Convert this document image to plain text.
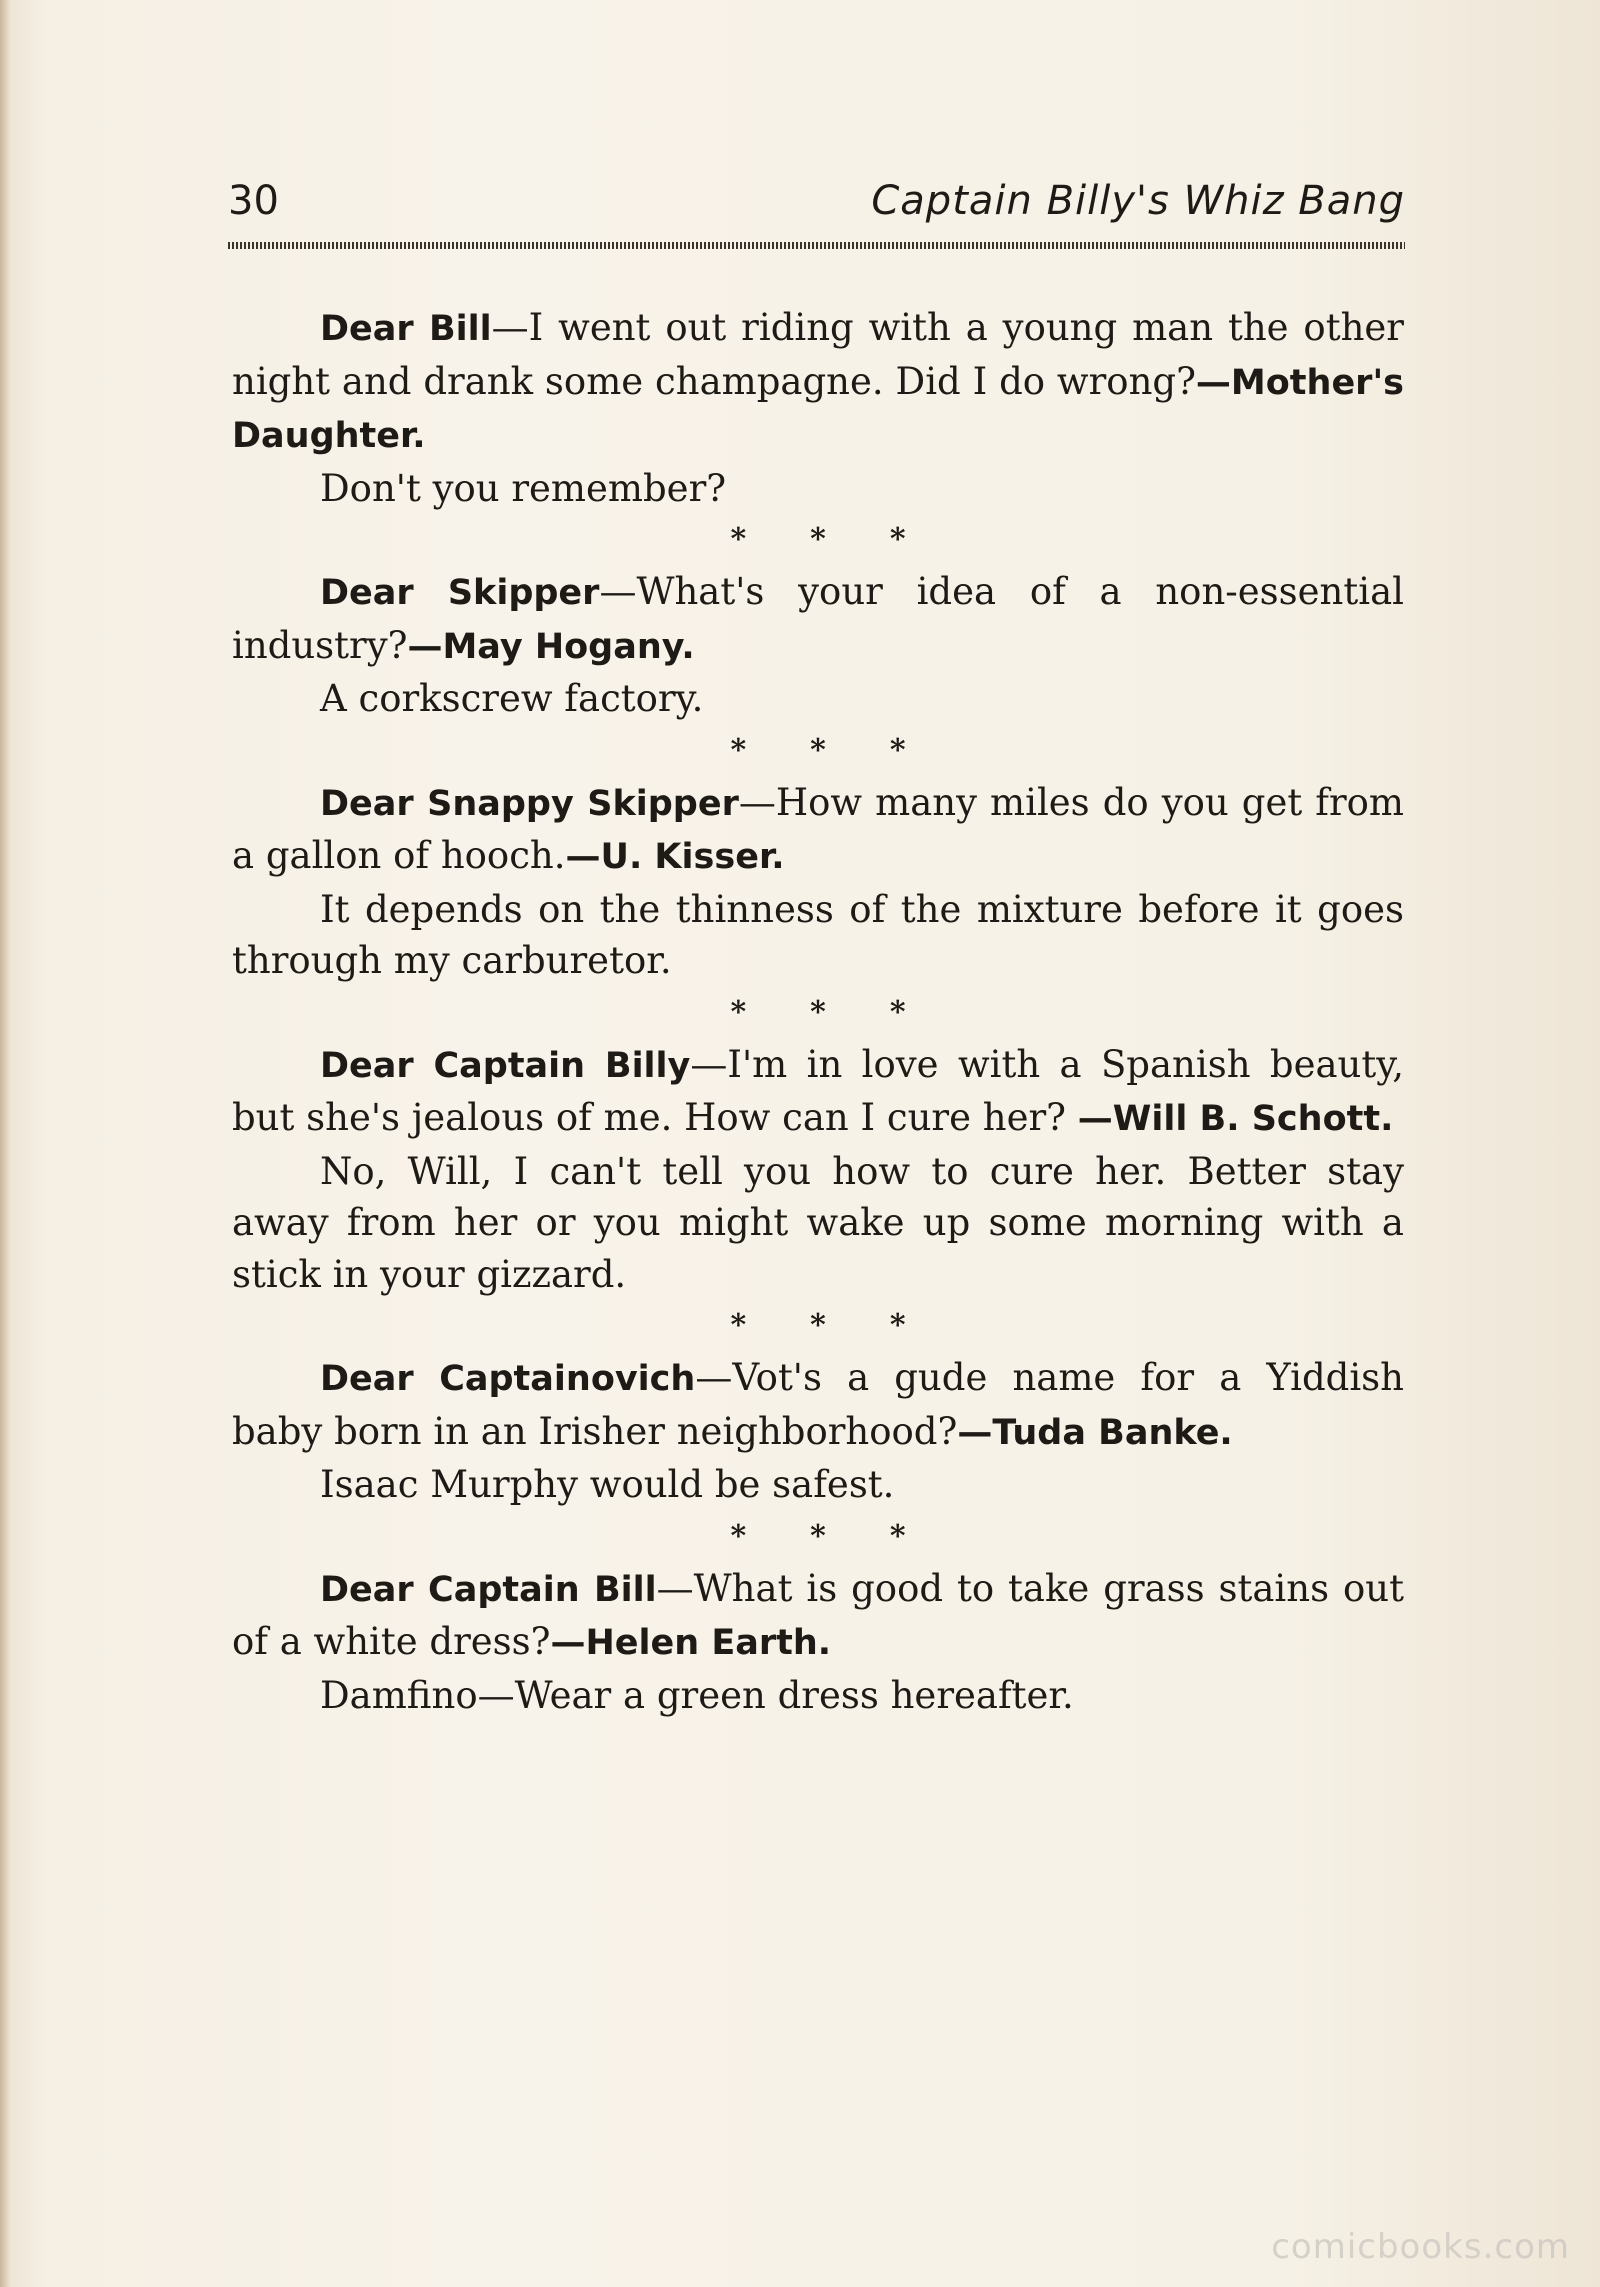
30	Captain Billy's Whiz Bang

Dear Bill—I went out riding with a young man the other night and drank some champagne. Did I do wrong?—Mother's Daughter.

Don't you remember?

* * *

Dear Skipper—What's your idea of a non-essential industry?—May Hogany.

A corkscrew factory.

* * *

Dear Snappy Skipper—How many miles do you get from a gallon of hooch.—U. Kisser.

It depends on the thinness of the mixture before it goes through my carburetor.

* * *

Dear Captain Billy—I'm in love with a Spanish beauty, but she's jealous of me. How can I cure her? —Will B. Schott.

No, Will, I can't tell you how to cure her. Better stay away from her or you might wake up some morning with a stick in your gizzard.

* * *

Dear Captainovich—Vot's a gude name for a Yiddish baby born in an Irisher neighborhood?—Tuda Banke.

Isaac Murphy would be safest.

* * *

Dear Captain Bill—What is good to take grass stains out of a white dress?—Helen Earth.

Damfino—Wear a green dress hereafter.

comicbooks.com
